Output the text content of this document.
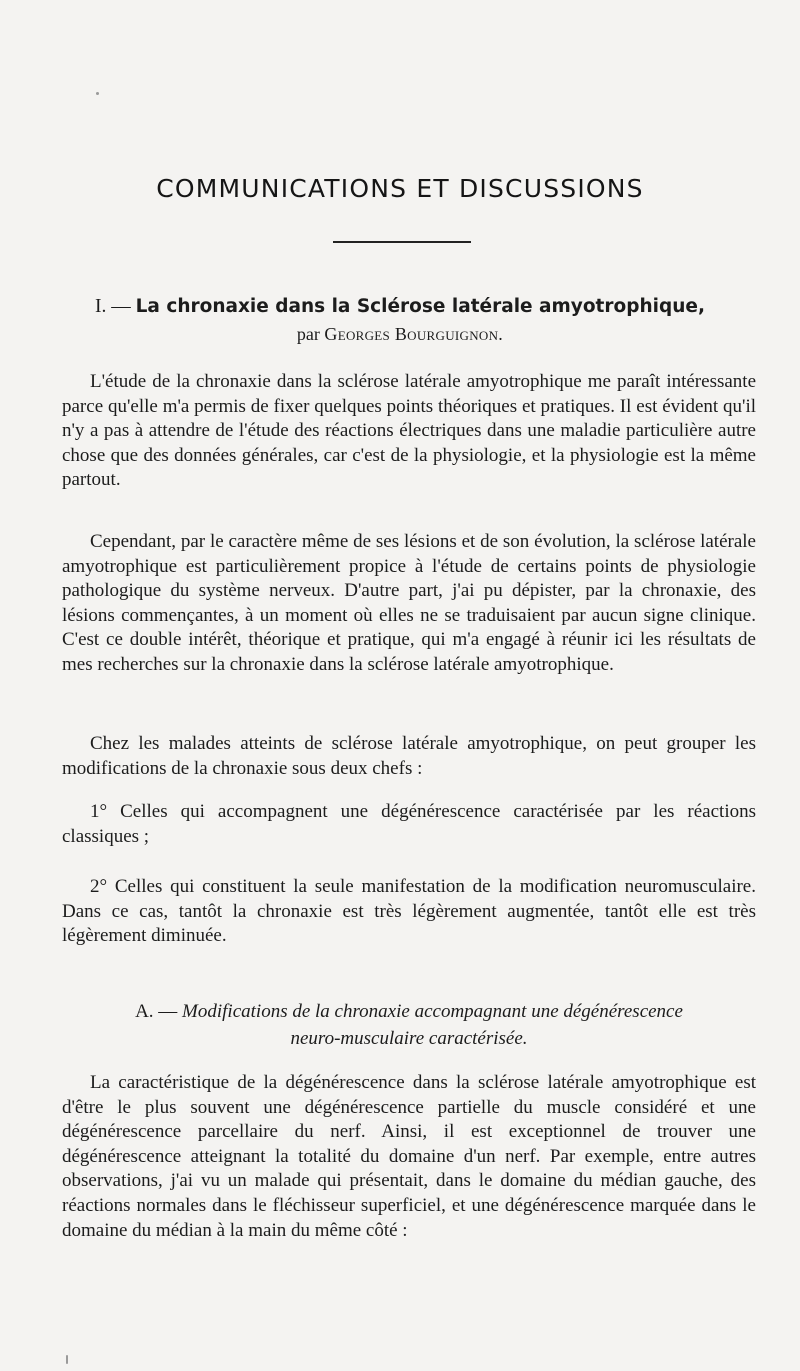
COMMUNICATIONS ET DISCUSSIONS
I. — La chronaxie dans la Sclérose latérale amyotrophique,
par Georges Bourguignon.

L'étude de la chronaxie dans la sclérose latérale amyotrophique me paraît intéressante parce qu'elle m'a permis de fixer quelques points théoriques et pratiques. Il est évident qu'il n'y a pas à attendre de l'étude des réactions électriques dans une maladie particulière autre chose que des données générales, car c'est de la physiologie, et la physiologie est la même partout.

Cependant, par le caractère même de ses lésions et de son évolution, la sclérose latérale amyotrophique est particulièrement propice à l'étude de certains points de physiologie pathologique du système nerveux. D'autre part, j'ai pu dépister, par la chronaxie, des lésions commençantes, à un moment où elles ne se traduisaient par aucun signe clinique. C'est ce double intérêt, théorique et pratique, qui m'a engagé à réunir ici les résultats de mes recherches sur la chronaxie dans la sclérose latérale amyotrophique.

Chez les malades atteints de sclérose latérale amyotrophique, on peut grouper les modifications de la chronaxie sous deux chefs :

1° Celles qui accompagnent une dégénérescence caractérisée par les réactions classiques ;

2° Celles qui constituent la seule manifestation de la modification neuromusculaire. Dans ce cas, tantôt la chronaxie est très légèrement augmentée, tantôt elle est très légèrement diminuée.

A. — Modifications de la chronaxie accompagnant une dégénérescence
neuro-musculaire caractérisée.

La caractéristique de la dégénérescence dans la sclérose latérale amyotrophique est d'être le plus souvent une dégénérescence partielle du muscle considéré et une dégénérescence parcellaire du nerf. Ainsi, il est exceptionnel de trouver une dégénérescence atteignant la totalité du domaine d'un nerf. Par exemple, entre autres observations, j'ai vu un malade qui présentait, dans le domaine du médian gauche, des réactions normales dans le fléchisseur superficiel, et une dégénérescence marquée dans le domaine du médian à la main du même côté :
